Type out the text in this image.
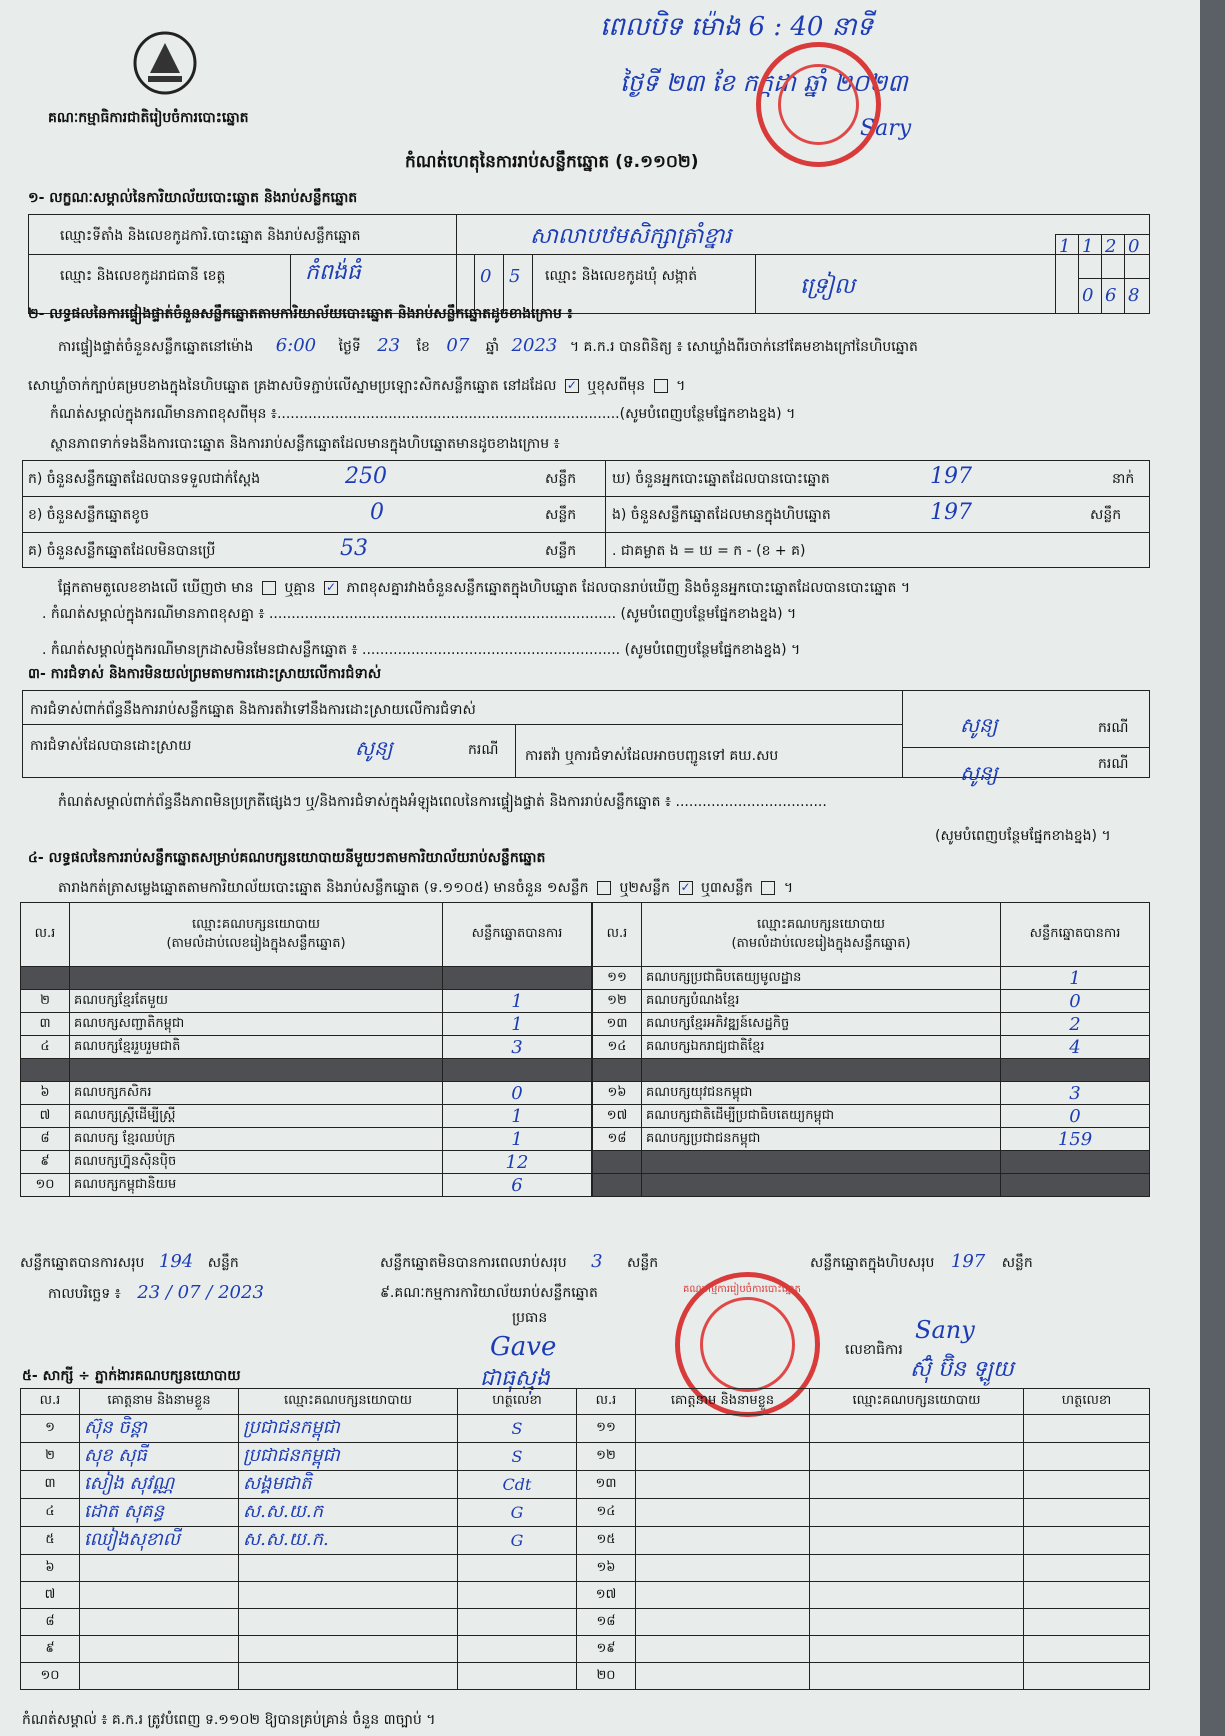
គណៈកម្មាធិការជាតិរៀបចំការបោះឆ្នោត
ពេលបិទ ម៉ោង 6 : 40 នាទី
ថ្ងៃទី ២៣ ខែ កក្កដា ឆ្នាំ ២០២៣
Sary
កំណត់ហេតុនៃការរាប់សន្លឹកឆ្នោត (ទ.១១០២)
១- លក្ខណៈសម្គាល់នៃការិយាល័យបោះឆ្នោត និងរាប់សន្លឹកឆ្នោត
ឈ្មោះទីតាំង និងលេខកូដការិ.បោះឆ្នោត និងរាប់សន្លឹកឆ្នោត	សាលាបឋមសិក្សាត្រាំខ្នារ	1 1 2 0
ឈ្មោះ និងលេខកូដរាជធានី ខេត្ត	កំពង់ធំ	0 5 ឈ្មោះ និងលេខកូដឃុំ សង្កាត់	ទ្រៀល	0 6 8
២- លទ្ធផលនៃការផ្ទៀងផ្ទាត់ចំនួនសន្លឹកឆ្នោតតាមការិយាល័យបោះឆ្នោត និងរាប់សន្លឹកឆ្នោតដូចខាងក្រោម ៖
ការផ្ទៀងផ្ទាត់ចំនួនសន្លឹកឆ្នោតនៅម៉ោង 6:00 ថ្ងៃទី 23 ខែ 07 ឆ្នាំ 2023 ។ គ.ក.រ បានពិនិត្យ ៖ សោឃ្លាំងពីរចាក់នៅគែមខាងក្រៅនៃហិបឆ្នោត
សោឃ្លាំចាក់ក្បាប់គម្របខាងក្នុងនៃហិបឆ្នោត គ្រងាសបិទភ្ជាប់លើស្នាមប្រឡោះសិកសន្លឹកឆ្នោត នៅដដែល ✓ ឬខុសពីមុន  ។
កំណត់សម្គាល់ក្នុងករណីមានភាពខុសពីមុន ៖.............................................................................(សូមបំពេញបន្ថែមផ្នែកខាងខ្នង) ។
ស្ថានភាពទាក់ទងនឹងការបោះឆ្នោត និងការរាប់សន្លឹកឆ្នោតដែលមានក្នុងហិបឆ្នោតមានដូចខាងក្រោម ៖
ក) ចំនួនសន្លឹកឆ្នោតដែលបានទទួលជាក់ស្តែង	250	សន្លឹក
ខ) ចំនួនសន្លឹកឆ្នោតខូច	0	សន្លឹក
គ) ចំនួនសន្លឹកឆ្នោតដែលមិនបានប្រើ	53	សន្លឹក
ឃ) ចំនួនអ្នកបោះឆ្នោតដែលបានបោះឆ្នោត	197	នាក់
ង) ចំនួនសន្លឹកឆ្នោតដែលមានក្នុងហិបឆ្នោត	197	សន្លឹក
. ជាគម្លាត ង = ឃ = ក - (ខ + គ)
ផ្អែកតាមតួលេខខាងលើ ឃើញថា មាន ឬគ្មាន ✓ ភាពខុសគ្នារវាងចំនួនសន្លឹកឆ្នោតក្នុងហិបឆ្នោត ដែលបានរាប់ឃើញ និងចំនួនអ្នកបោះឆ្នោតដែលបានបោះឆ្នោត ។
. កំណត់សម្គាល់ក្នុងករណីមានភាពខុសគ្នា ៖ .............................................................................. (សូមបំពេញបន្ថែមផ្នែកខាងខ្នង) ។
. កំណត់សម្គាល់ក្នុងករណីមានក្រដាសមិនមែនជាសន្លឹកឆ្នោត ៖ .......................................................... (សូមបំពេញបន្ថែមផ្នែកខាងខ្នង) ។
៣- ការជំទាស់ និងការមិនយល់ព្រមតាមការដោះស្រាយលើការជំទាស់
ការជំទាស់ពាក់ព័ន្ធនឹងការរាប់សន្លឹកឆ្នោត និងការតវ៉ាទៅនឹងការដោះស្រាយលើការជំទាស់
សូន្យ	ករណី
ការជំទាស់ដែលបានដោះស្រាយ	សូន្យ	ករណី ការតវ៉ា ឬការជំទាស់ដែលអាចបញ្ជូនទៅ គឃ.សប	ករណី
សូន្យ
កំណត់សម្គាល់ពាក់ព័ន្ធនឹងភាពមិនប្រក្រតីផ្សេងៗ ឬ/និងការជំទាស់ក្នុងអំឡុងពេលនៃការផ្ទៀងផ្ទាត់ និងការរាប់សន្លឹកឆ្នោត ៖ ..................................
(សូមបំពេញបន្ថែមផ្នែកខាងខ្នង) ។
៤- លទ្ធផលនៃការរាប់សន្លឹកឆ្នោតសម្រាប់គណបក្សនយោបាយនីមួយៗតាមការិយាល័យរាប់សន្លឹកឆ្នោត
តារាងកត់ត្រាសម្លេងឆ្នោតតាមការិយាល័យបោះឆ្នោត និងរាប់សន្លឹកឆ្នោត (ទ.១១០៥) មានចំនួន ១សន្លឹក ឬ២សន្លឹក ✓ ឬ៣សន្លឹក  ។
ល.រ	ឈ្មោះគណបក្សនយោបាយ
(តាមលំដាប់លេខរៀងក្នុងសន្លឹកឆ្នោត)	សន្លឹកឆ្នោតបានការ

២	គណបក្សខ្មែរតែមួយ	1
៣	គណបក្សសញ្ជាតិកម្ពុជា	1
៤	គណបក្សខ្មែររួបរួមជាតិ	3

៦	គណបក្សកសិករ	0
៧	គណបក្សស្ត្រីដើម្បីស្ត្រី	1
៨	គណបក្ស ខ្មែរឈប់ក្រ	1
៩	គណបក្សហ្វ៊ុនស៊ិនប៉ិច	12
១០	គណបក្សកម្ពុជានិយម	6
ល.រ	ឈ្មោះគណបក្សនយោបាយ
(តាមលំដាប់លេខរៀងក្នុងសន្លឹកឆ្នោត)	សន្លឹកឆ្នោតបានការ
១១	គណបក្សប្រជាធិបតេយ្យមូលដ្ឋាន	1
១២	គណបក្សបំណងខ្មែរ	0
១៣	គណបក្សខ្មែរអភិវឌ្ឍន៍សេដ្ឋកិច្ច	2
១៤	គណបក្សឯករាជ្យជាតិខ្មែរ	4

១៦	គណបក្សយុវជនកម្ពុជា	3
១៧	គណបក្សជាតិដើម្បីប្រជាធិបតេយ្យកម្ពុជា	0
១៨	គណបក្សប្រជាជនកម្ពុជា	159

សន្លឹកឆ្នោតបានការសរុប 194 សន្លឹក	សន្លឹកឆ្នោតមិនបានការពេលរាប់សរុប 3 សន្លឹក	សន្លឹកឆ្នោតក្នុងហិបសរុប 197 សន្លឹក
កាលបរិច្ឆេទ ៖ 23 / 07 / 2023	៩.គណៈកម្មការការិយាល័យរាប់សន្លឹកឆ្នោត
ប្រធាន
Gave
ជាធុស្មុង
លេខាធិការ
Sany
ស៊ុំ ប៊ិន ឡូយ
គណៈកម្មការរៀបចំការបោះឆ្នោត
៥- សាក្សី ÷ ភ្នាក់ងារគណបក្សនយោបាយ
ល.រ	គោត្តនាម និងនាមខ្លួន	ឈ្មោះគណបក្សនយោបាយ	ហត្ថលេខា	ល.រ	គោត្តនាម និងនាមខ្លួន	ឈ្មោះគណបក្សនយោបាយ	ហត្ថលេខា
១	ស៊ុន ចិន្តា	ប្រជាជនកម្ពុជា	S	១១			
២	សុខ សុធី	ប្រជាជនកម្ពុជា	S	១២			
៣	សៀង សុវណ្ណ	សង្គមជាតិ	Cdt	១៣			
៤	ដោត សុគន្ធ	ស.ស.យ.ក	G	១៤			
៥	ឈៀងសុខាលី	ស.ស.យ.ក.	G	១៥			
៦				១៦			
៧				១៧			
៨				១៨			
៩				១៩			
១០				២០			
កំណត់សម្គាល់ ៖ គ.ក.រ ត្រូវបំពេញ ទ.១១០២ ឱ្យបានគ្រប់គ្រាន់ ចំនួន ៣ច្បាប់ ។
